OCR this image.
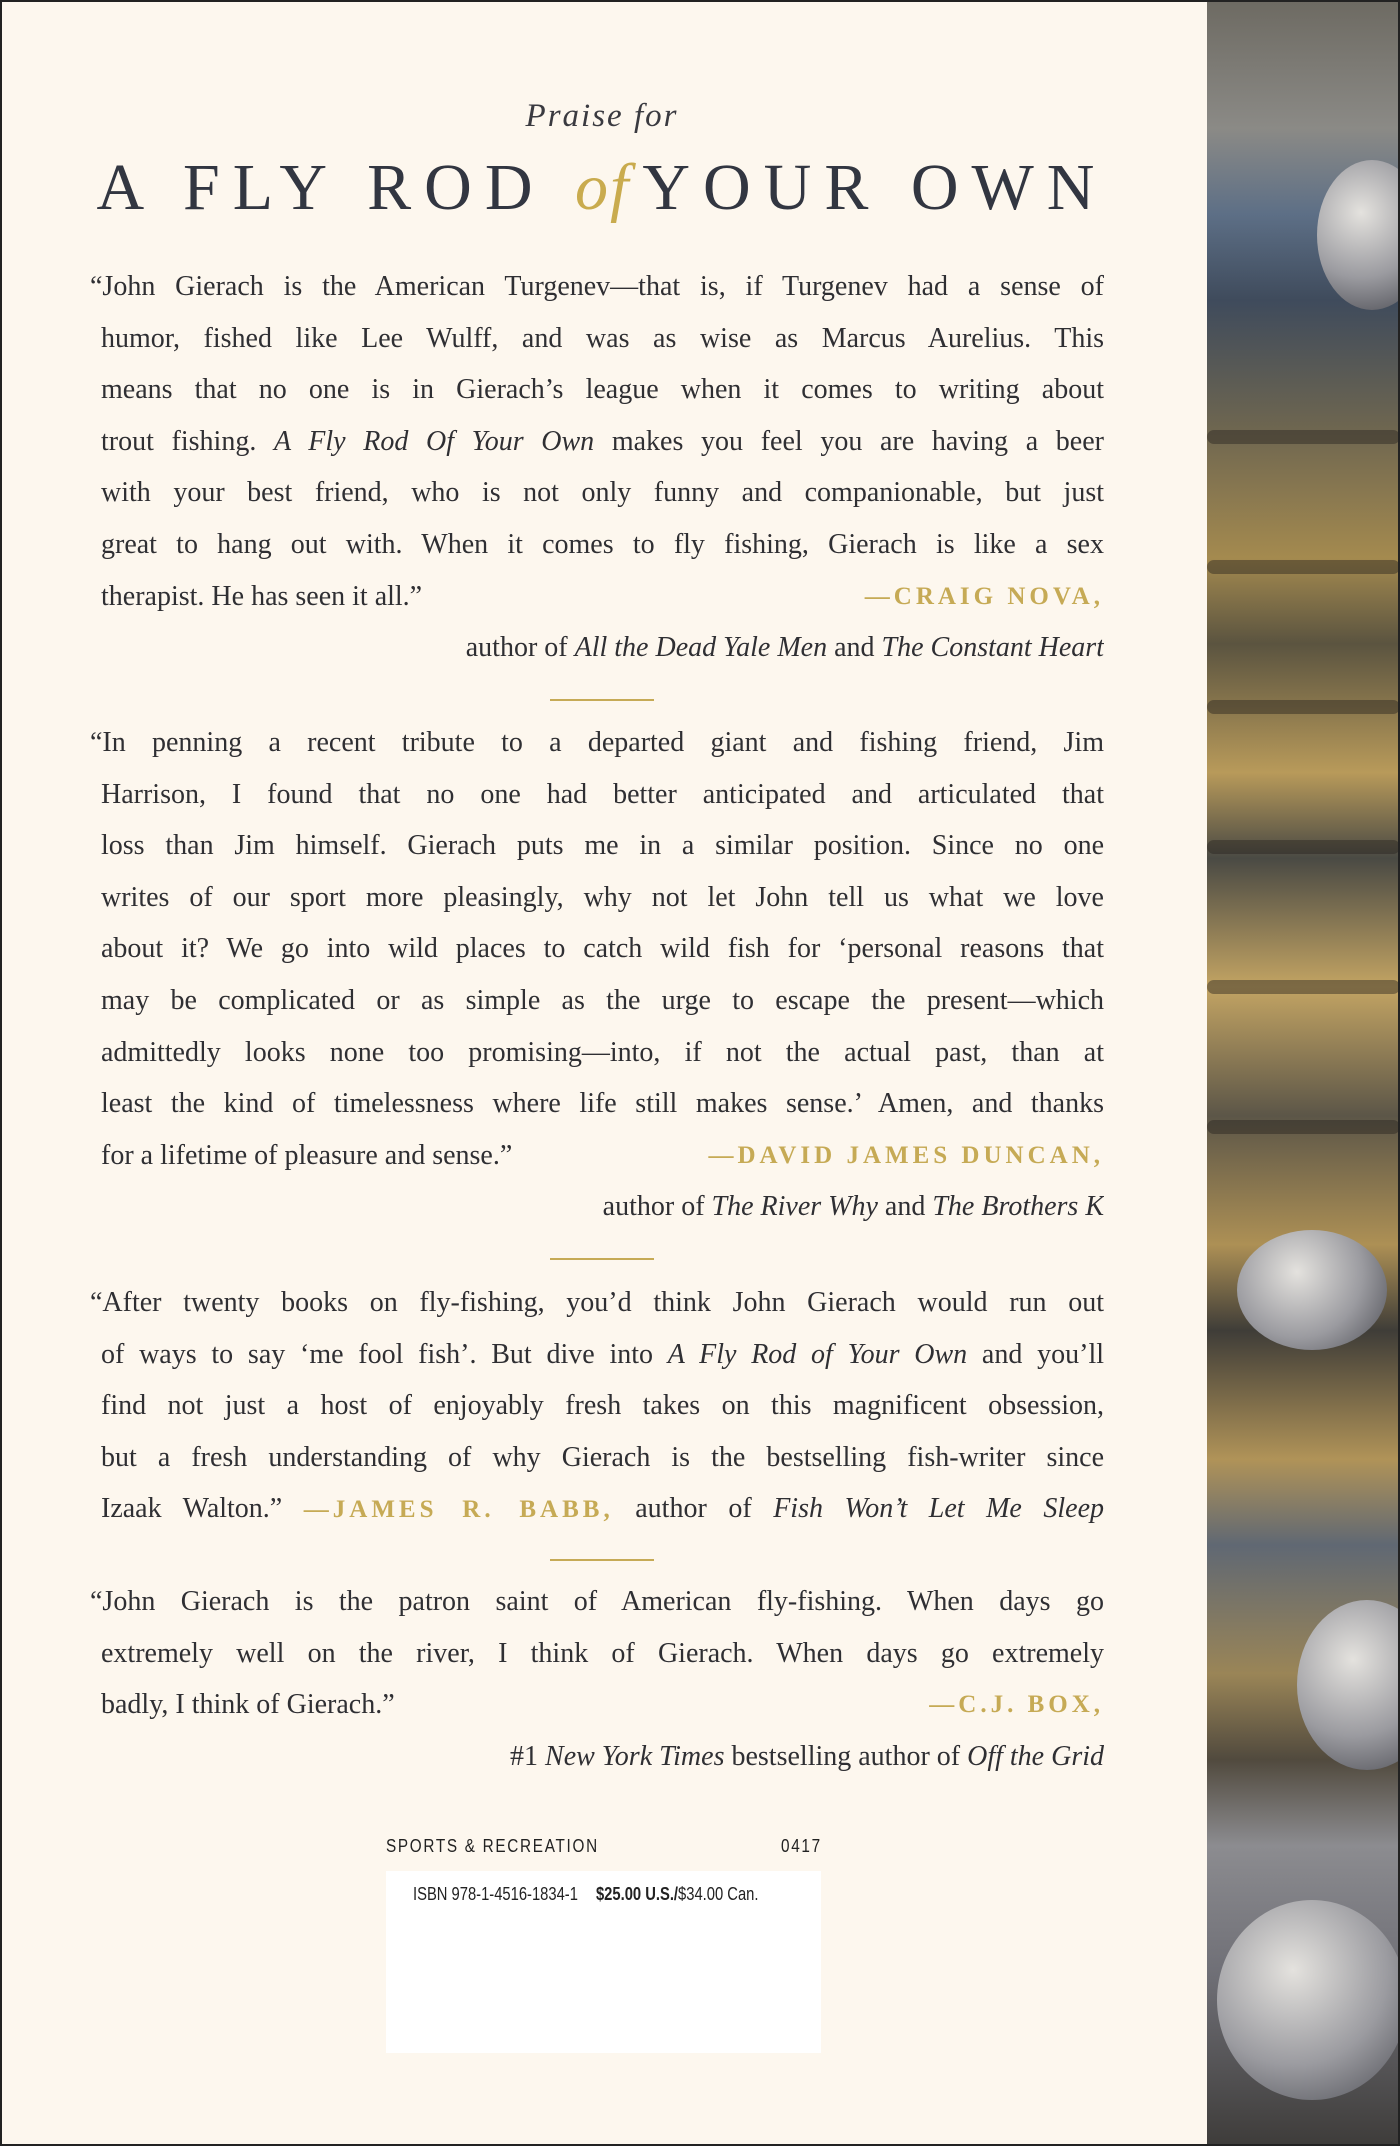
Praise for
A FLY ROD of YOUR OWN
“John Gierach is the American Turgenev—that is, if Turgenev had a sense of
humor, fished like Lee Wulff, and was as wise as Marcus Aurelius. This
means that no one is in Gierach’s league when it comes to writing about
trout fishing. A Fly Rod Of Your Own makes you feel you are having a beer
with your best friend, who is not only funny and companionable, but just
great to hang out with. When it comes to fly fishing, Gierach is like a sex
therapist. He has seen it all.”	—CRAIG NOVA,
author of All the Dead Yale Men and The Constant Heart
“In penning a recent tribute to a departed giant and fishing friend, Jim
Harrison, I found that no one had better anticipated and articulated that
loss than Jim himself. Gierach puts me in a similar position. Since no one
writes of our sport more pleasingly, why not let John tell us what we love
about it? We go into wild places to catch wild fish for ‘personal reasons that
may be complicated or as simple as the urge to escape the present—which
admittedly looks none too promising—into, if not the actual past, than at
least the kind of timelessness where life still makes sense.’ Amen, and thanks
for a lifetime of pleasure and sense.”	—DAVID JAMES DUNCAN,
author of The River Why and The Brothers K
“After twenty books on fly-fishing, you’d think John Gierach would run out
of ways to say ‘me fool fish’. But dive into A Fly Rod of Your Own and you’ll
find not just a host of enjoyably fresh takes on this magnificent obsession,
but a fresh understanding of why Gierach is the bestselling fish-writer since
Izaak Walton.” —JAMES R. BABB, author of Fish Won’t Let Me Sleep
“John Gierach is the patron saint of American fly-fishing. When days go
extremely well on the river, I think of Gierach. When days go extremely
badly, I think of Gierach.”	—C.J. BOX,
#1 New York Times bestselling author of Off the Grid
SPORTS & RECREATION	0417
ISBN 978-1-4516-1834-1 $25.00 U.S./$34.00 Can.
